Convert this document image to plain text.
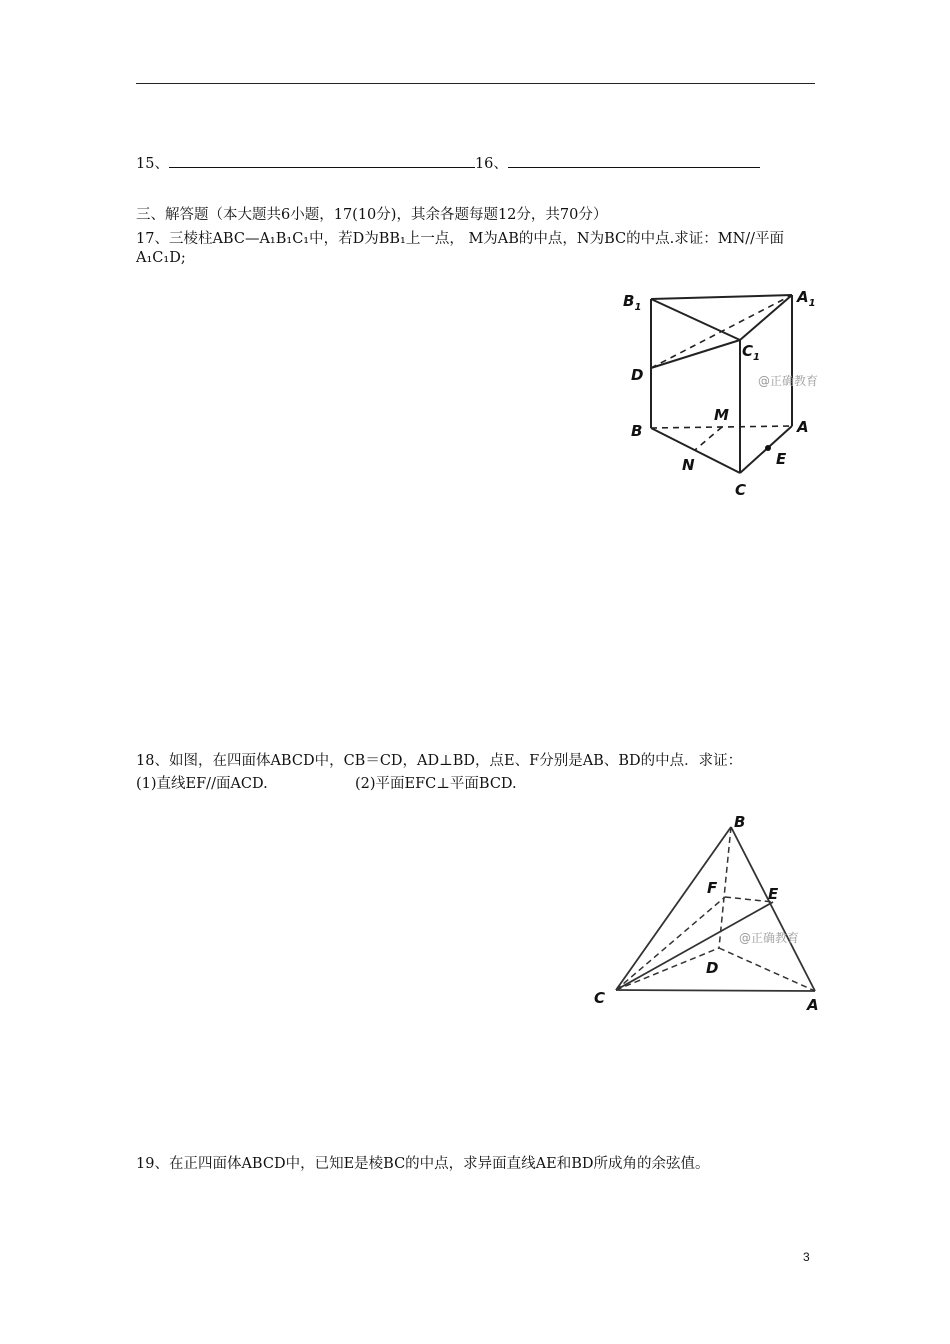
15、	16、
三、解答题（本大题共6小题，17(10分)，其余各题每题12分，共70分）
17、三棱柱ABC—A₁B₁C₁中，若D为BB₁上一点， M为AB的中点，N为BC的中点.求证：MN//平面
A₁C₁D;
$B_1$
$A_1$
$C_1$
D	@正确教育
M
B	A
N	E
C
18、如图，在四面体ABCD中，CB＝CD，AD⊥BD，点E、F分别是AB、BD的中点．求证：
(1)直线EF//面ACD.	(2)平面EFC⊥平面BCD.
B
F	E
@正确教育
D
C	A
19、在正四面体ABCD中，已知E是棱BC的中点，求异面直线AE和BD所成角的余弦值。
3
